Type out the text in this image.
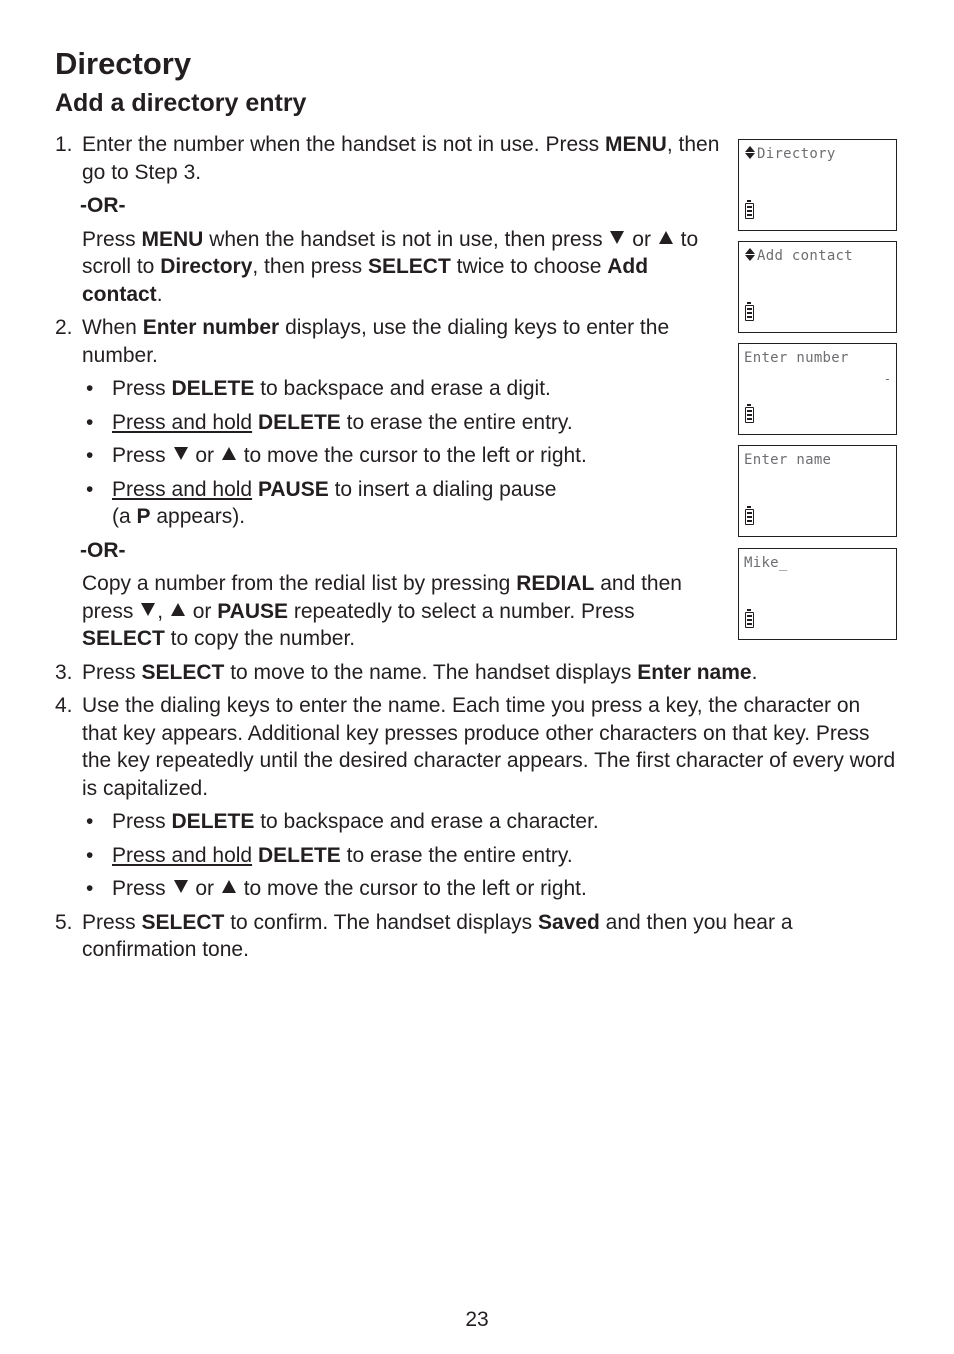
Directory
Add a directory entry
1. Enter the number when the handset is not in use. Press MENU, then go to Step 3.
-OR-
Press MENU when the handset is not in use, then press  or  to scroll to Directory, then press SELECT twice to choose Add contact.
2. When Enter number displays, use the dialing keys to enter the number.
• Press DELETE to backspace and erase a digit.
• Press and hold DELETE to erase the entire entry.
• Press  or  to move the cursor to the left or right.
• Press and hold PAUSE to insert a dialing pause
(a P appears).
-OR-
Copy a number from the redial list by pressing REDIAL and then press ,  or PAUSE repeatedly to select a number. Press SELECT to copy the number.
3. Press SELECT to move to the name. The handset displays Enter name.
4. Use the dialing keys to enter the name. Each time you press a key, the character on that key appears. Additional key presses produce other characters on that key. Press the key repeatedly until the desired character appears. The first character of every word is capitalized.
• Press DELETE to backspace and erase a character.
• Press and hold DELETE to erase the entire entry.
• Press  or  to move the cursor to the left or right.
5. Press SELECT to confirm. The handset displays Saved and then you hear a confirmation tone.
Directory
Add contact
Enter number
-
Enter name
Mike_
23
